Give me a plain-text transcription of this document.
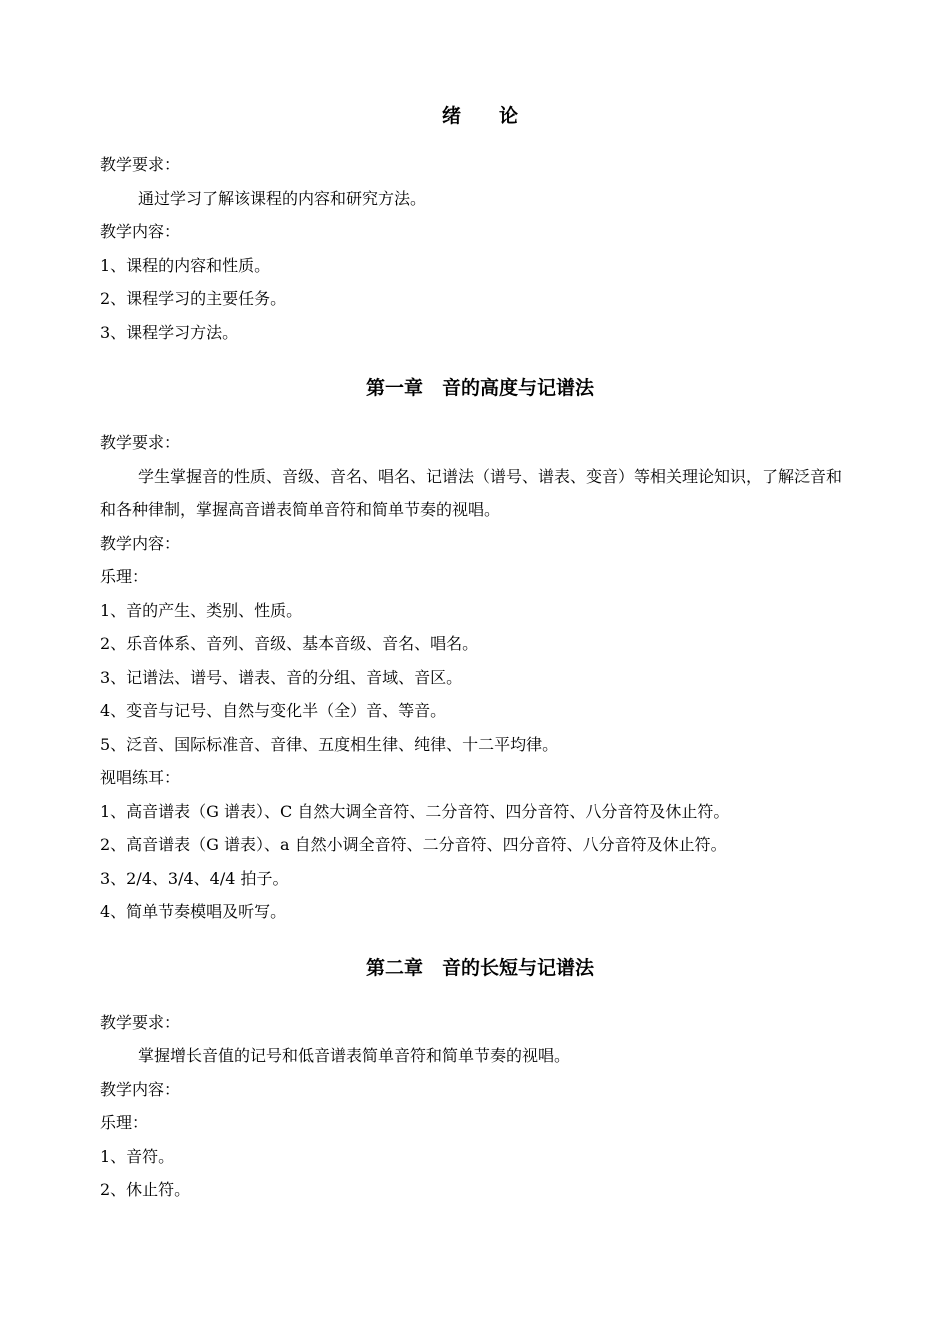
绪　　论

教学要求：

通过学习了解该课程的内容和研究方法。

教学内容：

1、课程的内容和性质。

2、课程学习的主要任务。

3、课程学习方法。

第一章　音的高度与记谱法

教学要求：

学生掌握音的性质、音级、音名、唱名、记谱法（谱号、谱表、变音）等相关理论知识，了解泛音和和各种律制，掌握高音谱表简单音符和简单节奏的视唱。

教学内容：

乐理：

1、音的产生、类别、性质。

2、乐音体系、音列、音级、基本音级、音名、唱名。

3、记谱法、谱号、谱表、音的分组、音域、音区。

4、变音与记号、自然与变化半（全）音、等音。

5、泛音、国际标准音、音律、五度相生律、纯律、十二平均律。

视唱练耳：

1、高音谱表（G 谱表）、C 自然大调全音符、二分音符、四分音符、八分音符及休止符。

2、高音谱表（G 谱表）、a 自然小调全音符、二分音符、四分音符、八分音符及休止符。

3、2/4、3/4、4/4 拍子。

4、简单节奏模唱及听写。

第二章　音的长短与记谱法

教学要求：

掌握增长音值的记号和低音谱表简单音符和简单节奏的视唱。

教学内容：

乐理：

1、音符。

2、休止符。
